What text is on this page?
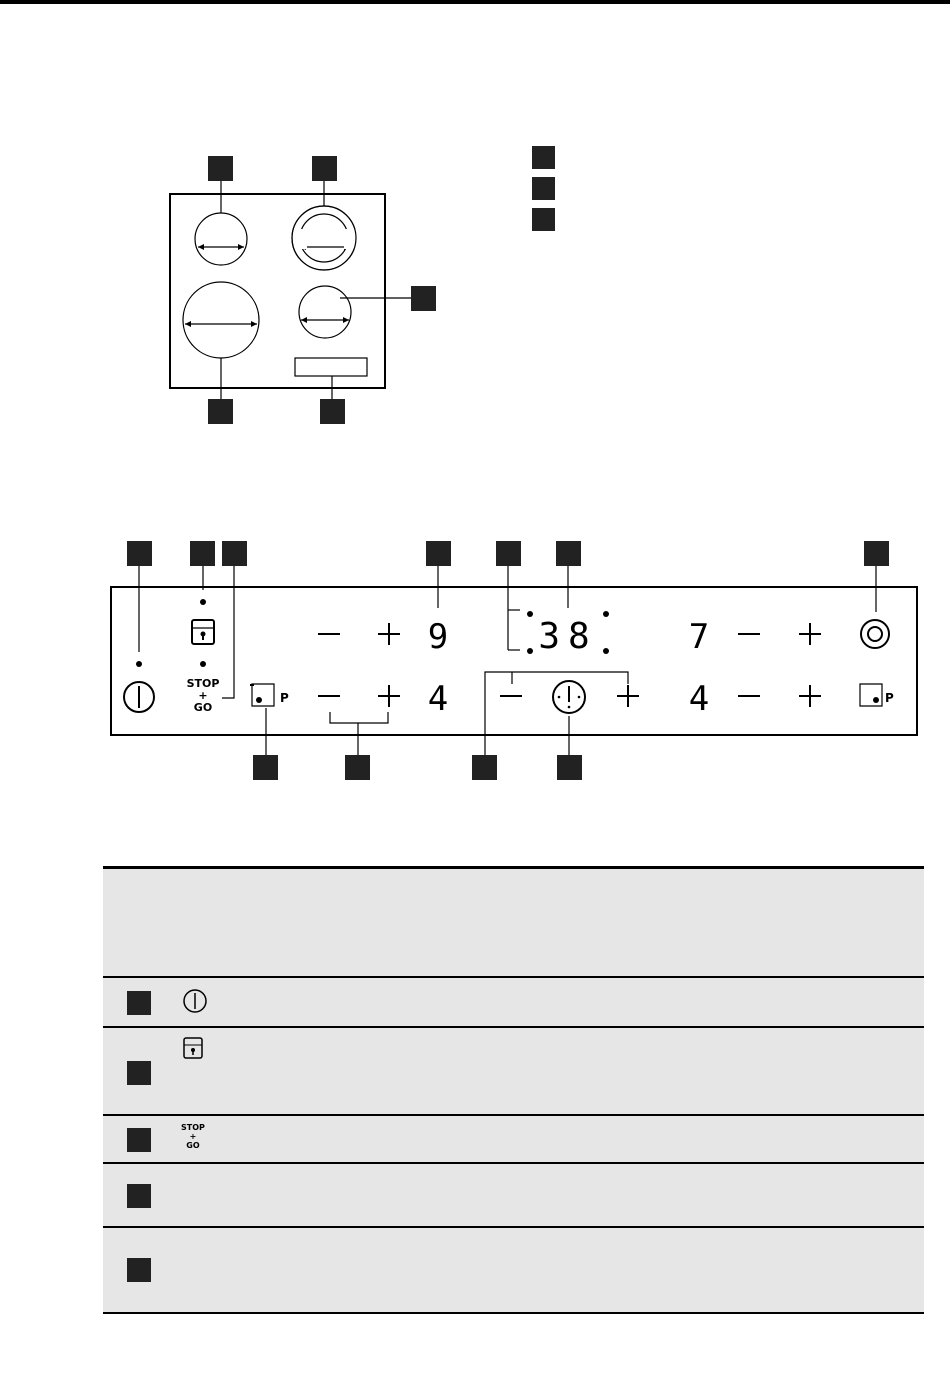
STOP
+
GO
P
9
4
38	7
4	P
STOP
+
GO
